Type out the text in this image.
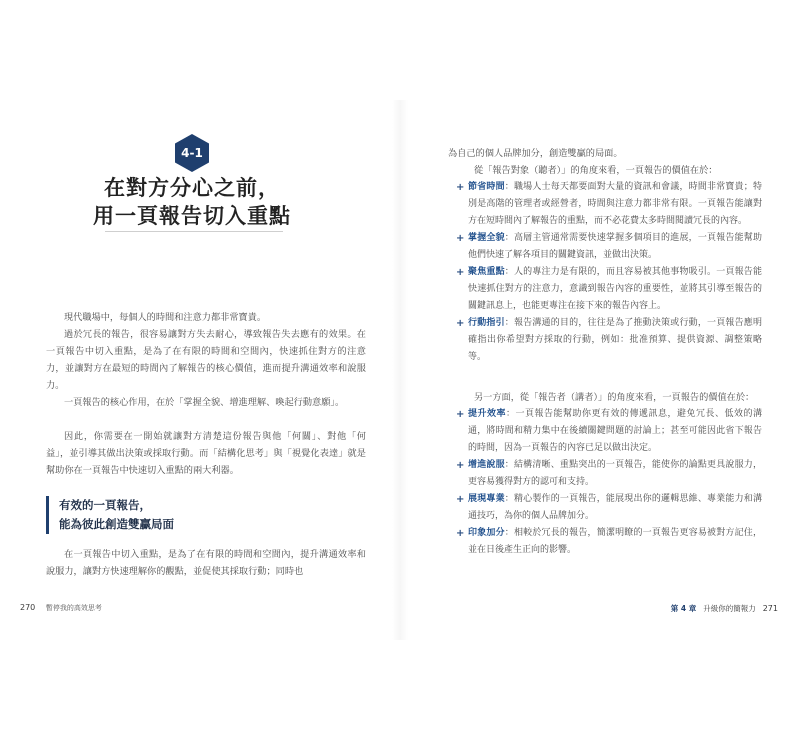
4-1
在對方分心之前，
用一頁報告切入重點

現代職場中，每個人的時間和注意力都非常寶貴。

過於冗長的報告，很容易讓對方失去耐心，導致報告失去應有的效果。在一頁報告中切入重點，是為了在有限的時間和空間內，快速抓住對方的注意力，並讓對方在最短的時間內了解報告的核心價值，進而提升溝通效率和說服力。

一頁報告的核心作用，在於「掌握全貌、增進理解、喚起行動意願」。

因此，你需要在一開始就讓對方清楚這份報告與他「何關」、對他「何益」，並引導其做出決策或採取行動。而「結構化思考」與「視覺化表達」就是幫助你在一頁報告中快速切入重點的兩大利器。

有效的一頁報告，
能為彼此創造雙贏局面

在一頁報告中切入重點，是為了在有限的時間和空間內，提升溝通效率和說服力，讓對方快速理解你的觀點，並促使其採取行動；同時也

270 暫停我的高效思考

為自己的個人品牌加分，創造雙贏的局面。

從「報告對象（聽者）」的角度來看，一頁報告的價值在於：

+ 節省時間：職場人士每天都要面對大量的資訊和會議，時間非常寶貴；特別是高階的管理者或經營者，時間與注意力都非常有限。一頁報告能讓對方在短時間內了解報告的重點，而不必花費太多時間閱讀冗長的內容。
+ 掌握全貌：高層主管通常需要快速掌握多個項目的進展，一頁報告能幫助他們快速了解各項目的關鍵資訊，並做出決策。
+ 聚焦重點：人的專注力是有限的，而且容易被其他事物吸引。一頁報告能快速抓住對方的注意力，意識到報告內容的重要性，並將其引導至報告的關鍵訊息上，也能更專注在接下來的報告內容上。
+ 行動指引：報告溝通的目的，往往是為了推動決策或行動，一頁報告應明確指出你希望對方採取的行動，例如：批准預算、提供資源、調整策略等。

另一方面，從「報告者（講者）」的角度來看，一頁報告的價值在於：

+ 提升效率：一頁報告能幫助你更有效的傳遞訊息，避免冗長、低效的溝通，將時間和精力集中在後續關鍵問題的討論上；甚至可能因此省下報告的時間，因為一頁報告的內容已足以做出決定。
+ 增進說服：結構清晰、重點突出的一頁報告，能使你的論點更具說服力，更容易獲得對方的認可和支持。
+ 展現專業：精心製作的一頁報告，能展現出你的邏輯思維、專業能力和溝通技巧，為你的個人品牌加分。
+ 印象加分：相較於冗長的報告，簡潔明瞭的一頁報告更容易被對方記住，並在日後產生正向的影響。
第 4 章 升級你的簡報力 271
